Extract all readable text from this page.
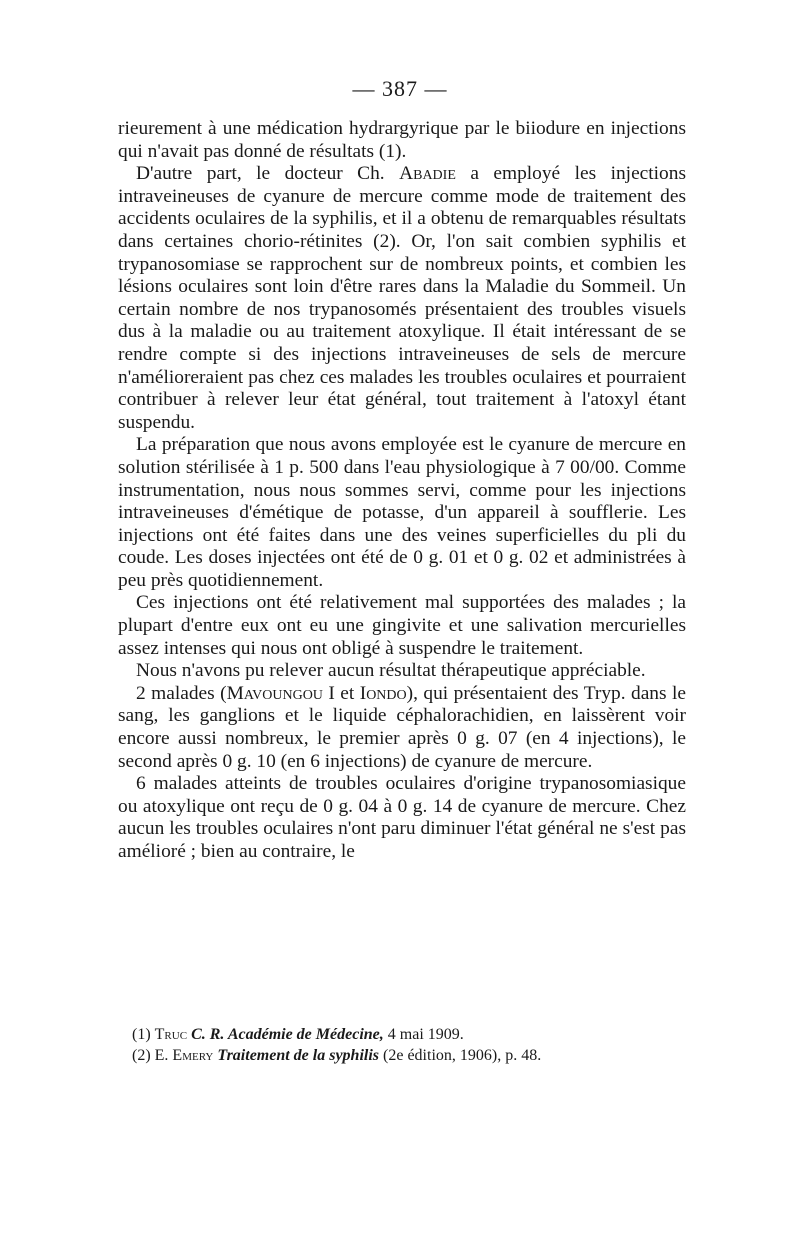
— 387 —

rieurement à une médication hydrargyrique par le biiodure en injections qui n'avait pas donné de résultats (1).

D'autre part, le docteur Ch. Abadie a employé les injections intraveineuses de cyanure de mercure comme mode de traitement des accidents oculaires de la syphilis, et il a obtenu de remarquables résultats dans certaines chorio-rétinites (2). Or, l'on sait combien syphilis et trypanosomiase se rapprochent sur de nombreux points, et combien les lésions oculaires sont loin d'être rares dans la Maladie du Sommeil. Un certain nombre de nos trypanosomés présentaient des troubles visuels dus à la maladie ou au traitement atoxylique. Il était intéressant de se rendre compte si des injections intraveineuses de sels de mercure n'amélioreraient pas chez ces malades les troubles oculaires et pourraient contribuer à relever leur état général, tout traitement à l'atoxyl étant suspendu.

La préparation que nous avons employée est le cyanure de mercure en solution stérilisée à 1 p. 500 dans l'eau physiologique à 7 00/00. Comme instrumentation, nous nous sommes servi, comme pour les injections intraveineuses d'émétique de potasse, d'un appareil à soufflerie. Les injections ont été faites dans une des veines superficielles du pli du coude. Les doses injectées ont été de 0 g. 01 et 0 g. 02 et administrées à peu près quotidiennement.

Ces injections ont été relativement mal supportées des malades ; la plupart d'entre eux ont eu une gingivite et une salivation mercurielles assez intenses qui nous ont obligé à suspendre le traitement.

Nous n'avons pu relever aucun résultat thérapeutique appréciable.

2 malades (Mavoungou I et Iondo), qui présentaient des Tryp. dans le sang, les ganglions et le liquide céphalorachidien, en laissèrent voir encore aussi nombreux, le premier après 0 g. 07 (en 4 injections), le second après 0 g. 10 (en 6 injections) de cyanure de mercure.

6 malades atteints de troubles oculaires d'origine trypanosomiasique ou atoxylique ont reçu de 0 g. 04 à 0 g. 14 de cyanure de mercure. Chez aucun les troubles oculaires n'ont paru diminuer l'état général ne s'est pas amélioré ; bien au contraire, le

(1) Truc C. R. Académie de Médecine, 4 mai 1909.

(2) E. Emery Traitement de la syphilis (2e édition, 1906), p. 48.
